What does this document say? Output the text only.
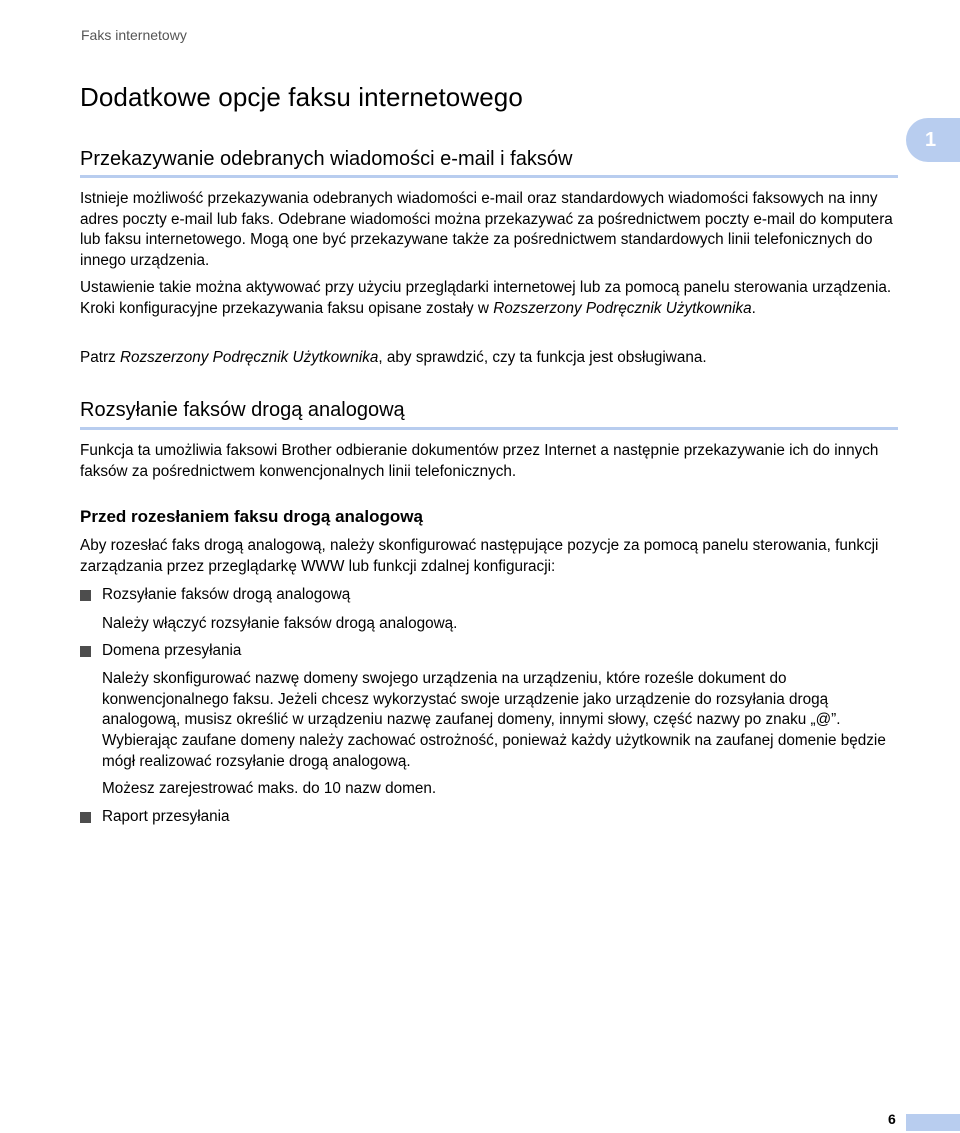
Faks internetowy
1
Dodatkowe opcje faksu internetowego
Przekazywanie odebranych wiadomości e-mail i faksów

Istnieje możliwość przekazywania odebranych wiadomości e-mail oraz standardowych wiadomości faksowych na inny adres poczty e-mail lub faks. Odebrane wiadomości można przekazywać za pośrednictwem poczty e-mail do komputera lub faksu internetowego. Mogą one być przekazywane także za pośrednictwem standardowych linii telefonicznych do innego urządzenia.

Ustawienie takie można aktywować przy użyciu przeglądarki internetowej lub za pomocą panelu sterowania urządzenia. Kroki konfiguracyjne przekazywania faksu opisane zostały w Rozszerzony Podręcznik Użytkownika.

Patrz Rozszerzony Podręcznik Użytkownika, aby sprawdzić, czy ta funkcja jest obsługiwana.

Rozsyłanie faksów drogą analogową

Funkcja ta umożliwia faksowi Brother odbieranie dokumentów przez Internet a następnie przekazywanie ich do innych faksów za pośrednictwem konwencjonalnych linii telefonicznych.

Przed rozesłaniem faksu drogą analogową

Aby rozesłać faks drogą analogową, należy skonfigurować następujące pozycje za pomocą panelu sterowania, funkcji zarządzania przez przeglądarkę WWW lub funkcji zdalnej konfiguracji:

Rozsyłanie faksów drogą analogową

Należy włączyć rozsyłanie faksów drogą analogową.

Domena przesyłania

Należy skonfigurować nazwę domeny swojego urządzenia na urządzeniu, które roześle dokument do konwencjonalnego faksu. Jeżeli chcesz wykorzystać swoje urządzenie jako urządzenie do rozsyłania drogą analogową, musisz określić w urządzeniu nazwę zaufanej domeny, innymi słowy, część nazwy po znaku „@”. Wybierając zaufane domeny należy zachować ostrożność, ponieważ każdy użytkownik na zaufanej domenie będzie mógł realizować rozsyłanie drogą analogową.

Możesz zarejestrować maks. do 10 nazw domen.

Raport przesyłania
6
